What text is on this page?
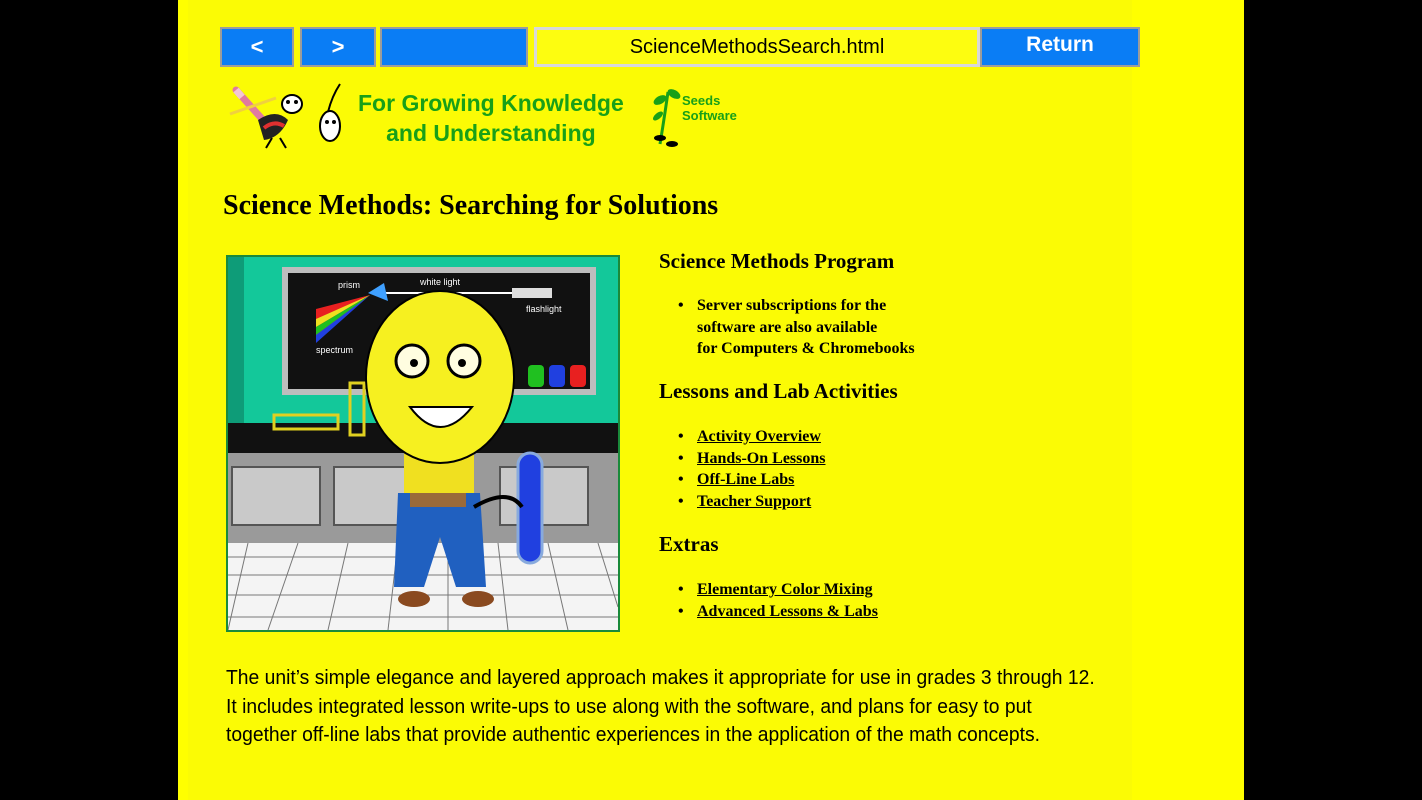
<	>	ScienceMethodsSearch.html	Return
For Growing Knowledge
and Understanding
Seeds
Software
Science Methods: Searching for Solutions
prism	white light
flashlight
spectrum
Science Methods Program
• Server subscriptions for the
software are also available
for Computers & Chromebooks
Lessons and Lab Activities
• Activity Overview
• Hands-On Lessons
• Off-Line Labs
• Teacher Support
Extras
• Elementary Color Mixing
• Advanced Lessons & Labs
The unit’s simple elegance and layered approach makes it appropriate for use in grades 3 through 12.
It includes integrated lesson write-ups to use along with the software, and plans for easy to put
together off-line labs that provide authentic experiences in the application of the math concepts.
